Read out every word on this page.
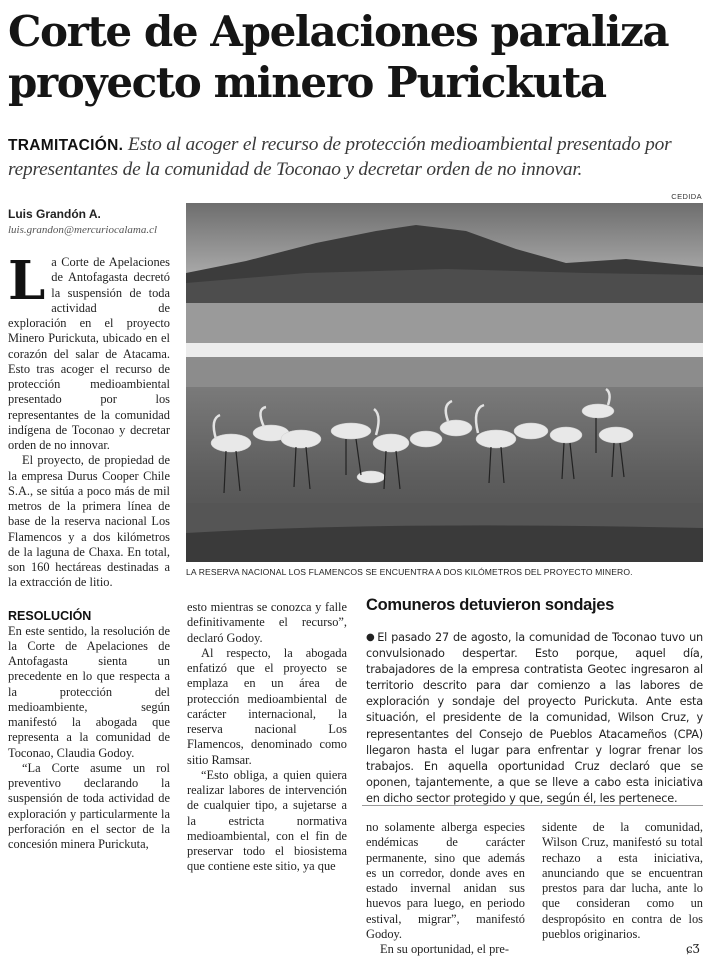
Corte de Apelaciones paraliza proyecto minero Purickuta
TRAMITACIÓN. Esto al acoger el recurso de protección medioambiental presentado por representantes de la comunidad de Toconao y decretar orden de no innovar.
CEDIDA
Luis Grandón A.
luis.grandon@mercuriocalama.cl

La Corte de Apelaciones de Antofagasta decretó la suspensión de toda actividad de exploración en el proyecto Minero Purickuta, ubicado en el corazón del salar de Atacama. Esto tras acoger el recurso de protección medioambiental presentado por los representantes de la comunidad indígena de Toconao y decretar orden de no innovar.

El proyecto, de propiedad de la empresa Durus Cooper Chile S.A., se sitúa a poco más de mil metros de la primera línea de base de la reserva nacional Los Flamencos y a dos kilómetros de la laguna de Chaxa. En total, son 160 hectáreas destinadas a la extracción de litio.

RESOLUCIÓN

En este sentido, la resolución de la Corte de Apelaciones de Antofagasta sienta un precedente en lo que respecta a la protección del medioambiente, según manifestó la abogada que representa a la comunidad de Toconao, Claudia Godoy.

“La Corte asume un rol preventivo declarando la suspensión de toda actividad de exploración y particularmente la perforación en el sector de la concesión minera Purickuta,

LA RESERVA NACIONAL LOS FLAMENCOS SE ENCUENTRA A DOS KILÓMETROS DEL PROYECTO MINERO.

esto mientras se conozca y falle definitivamente el recurso”, declaró Godoy.

Al respecto, la abogada enfatizó que el proyecto se emplaza en un área de protección medioambiental de carácter internacional, la reserva nacional Los Flamencos, denominado como sitio Ramsar.

“Esto obliga, a quien quiera realizar labores de intervención de cualquier tipo, a sujetarse a la estricta normativa medioambiental, con el fin de preservar todo el biosistema que contiene este sitio, ya que

Comuneros detuvieron sondajes
● El pasado 27 de agosto, la comunidad de Toconao tuvo un convulsionado despertar. Esto porque, aquel día, trabajadores de la empresa contratista Geotec ingresaron al territorio descrito para dar comienzo a las labores de exploración y sondaje del proyecto Purickuta. Ante esta situación, el presidente de la comunidad, Wilson Cruz, y representantes del Consejo de Pueblos Atacameños (CPA) llegaron hasta el lugar para enfrentar y lograr frenar los trabajos. En aquella oportunidad Cruz declaró que se oponen, tajantemente, a que se lleve a cabo esta iniciativa en dicho sector protegido y que, según él, les pertenece.

no solamente alberga especies endémicas de carácter permanente, sino que además es un corredor, donde aves en estado invernal anidan sus huevos para luego, en periodo estival, migrar”, manifestó Godoy.

En su oportunidad, el pre-

sidente de la comunidad, Wilson Cruz, manifestó su total rechazo a esta iniciativa, anunciando que se encuentran prestos para dar lucha, ante lo que consideran como un despropósito en contra de los pueblos originarios.

ɕƷ
